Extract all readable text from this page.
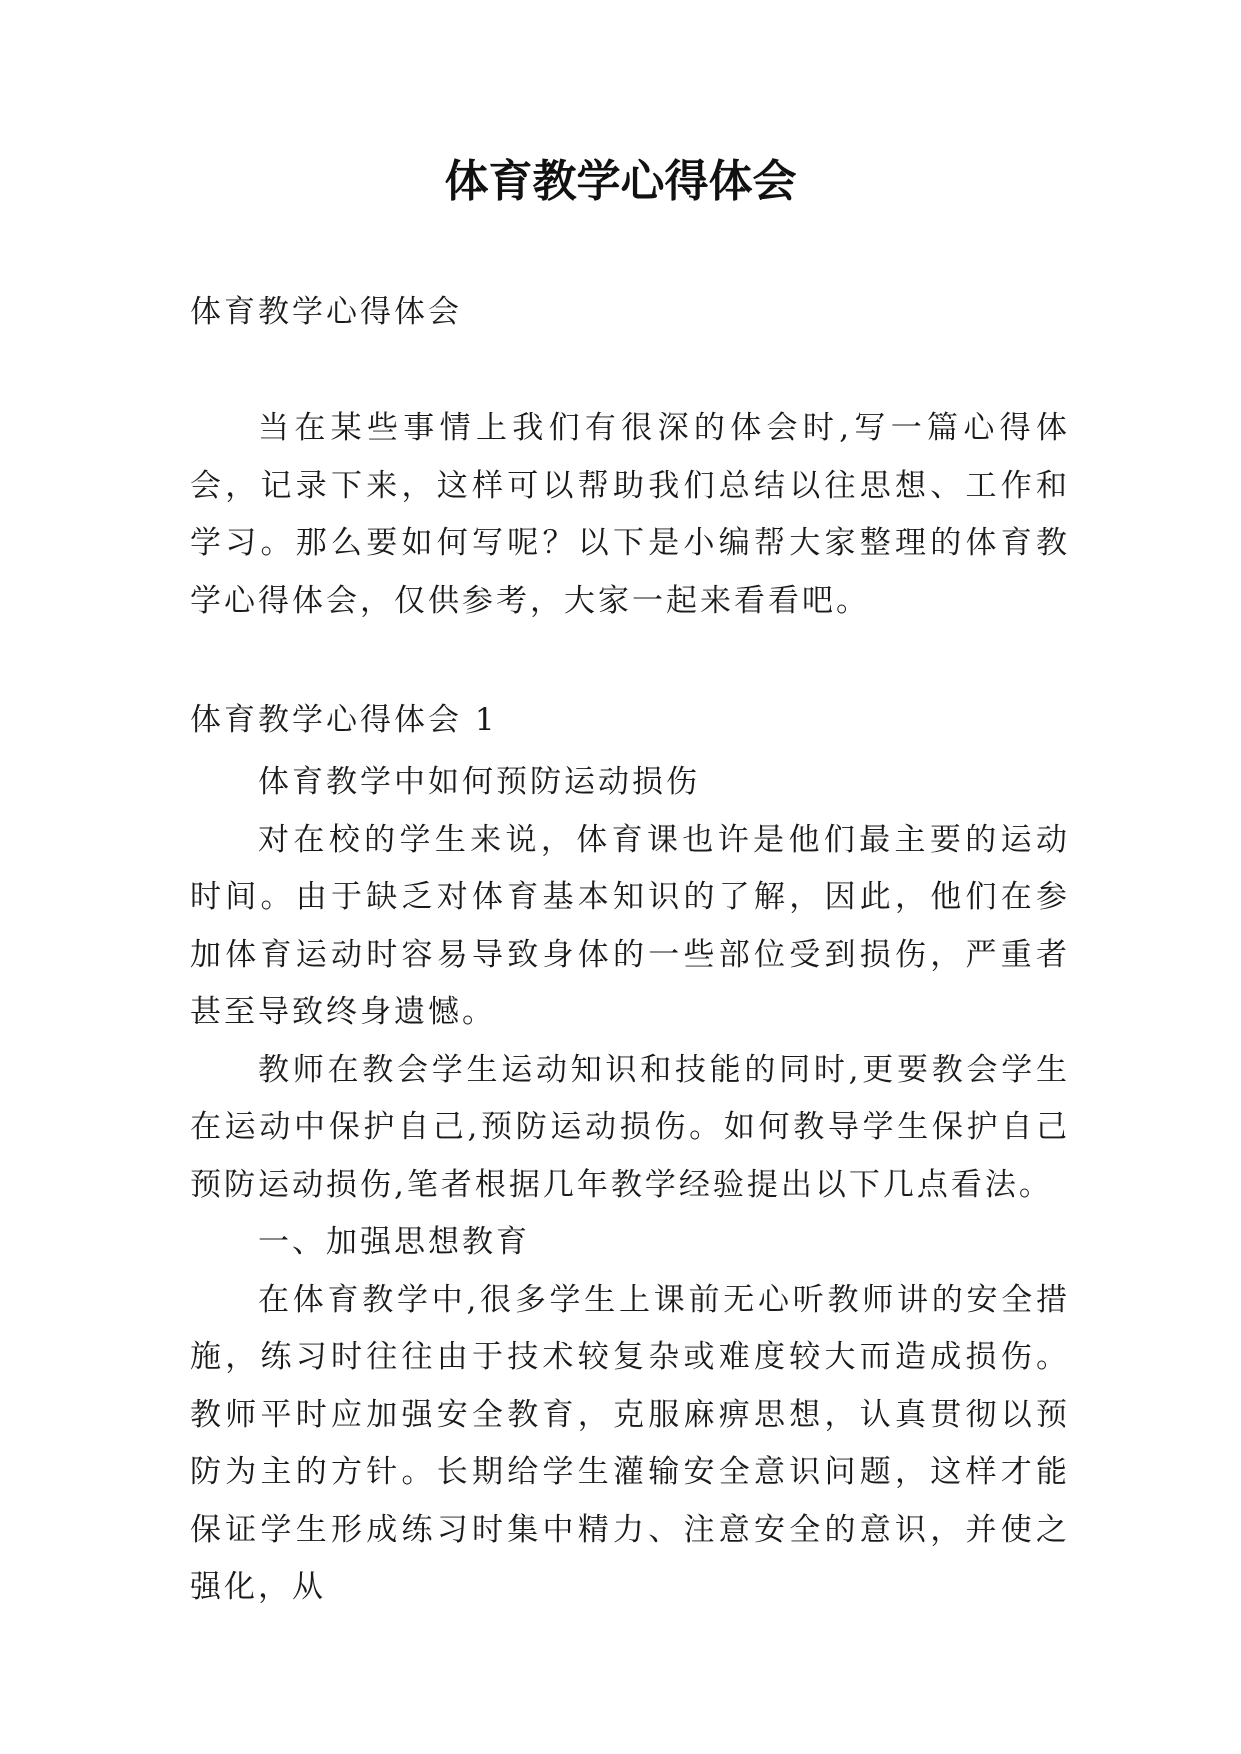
体育教学心得体会

体育教学心得体会

当在某些事情上我们有很深的体会时,写一篇心得体会，记录下来，这样可以帮助我们总结以往思想、工作和学习。那么要如何写呢？以下是小编帮大家整理的体育教学心得体会，仅供参考，大家一起来看看吧。

体育教学心得体会 1

体育教学中如何预防运动损伤

对在校的学生来说，体育课也许是他们最主要的运动时间。由于缺乏对体育基本知识的了解，因此，他们在参加体育运动时容易导致身体的一些部位受到损伤，严重者甚至导致终身遗憾。

教师在教会学生运动知识和技能的同时,更要教会学生在运动中保护自己,预防运动损伤。如何教导学生保护自己预防运动损伤,笔者根据几年教学经验提出以下几点看法。

一、加强思想教育

在体育教学中,很多学生上课前无心听教师讲的安全措施，练习时往往由于技术较复杂或难度较大而造成损伤。教师平时应加强安全教育，克服麻痹思想，认真贯彻以预防为主的方针。长期给学生灌输安全意识问题，这样才能保证学生形成练习时集中精力、注意安全的意识，并使之强化，从
